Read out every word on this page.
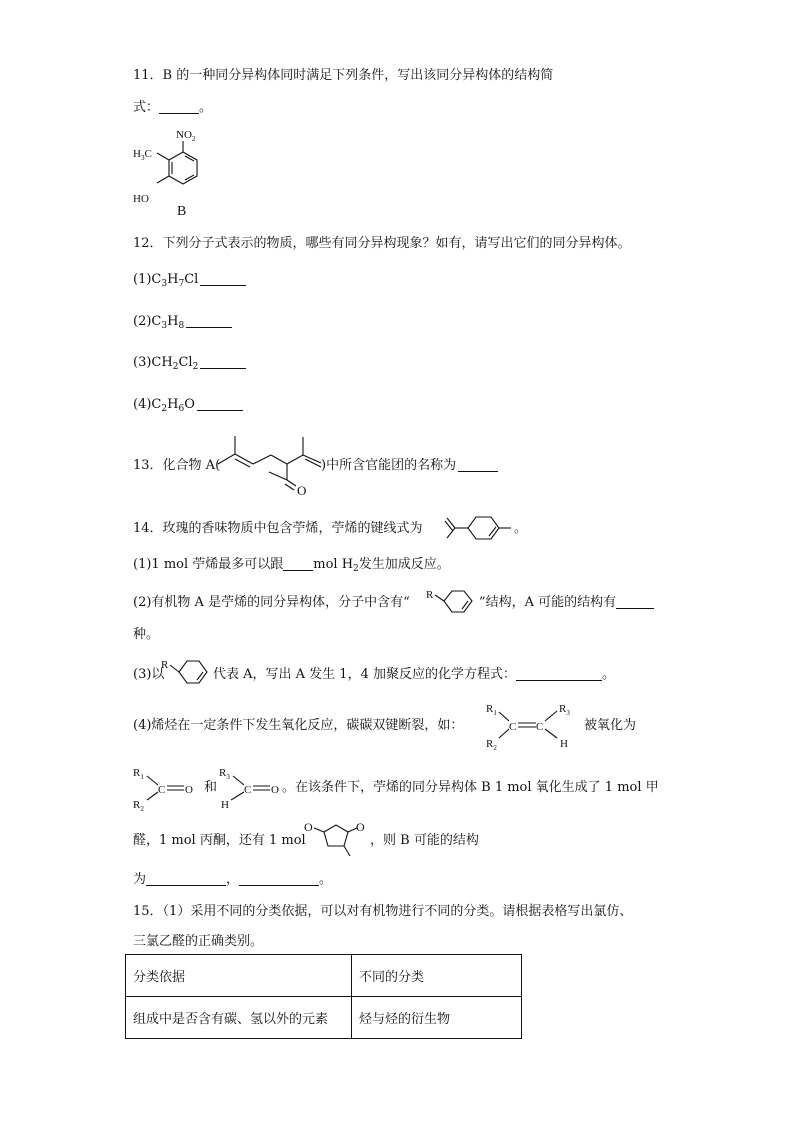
11．B 的一种同分异构体同时满足下列条件，写出该同分异构体的结构简
式：	。
$NO_2$
$H_3C$
HO
B
12．下列分子式表示的物质，哪些有同分异构现象？如有，请写出它们的同分异构体。
$(1)C_3H_7Cl$
$(2)C_3H_8$
$(3)CH_2Cl_2$
$(4)C_2H_6O$
13．化合物 A(
O
)中所含官能团的名称为
14．玫瑰的香味物质中包含苧烯，苧烯的键线式为	。
(1)1 mol 苧烯最多可以跟 mol $H_2$发生加成反应。
(2)有机物 A 是苧烯的同分异构体，分子中含有“ R	”结构，A 可能的结构有
种。
(3)以
R
代表 A，写出 A 发生 1，4 加聚反应的化学方程式：	。
(4)烯烃在一定条件下发生氧化反应，碳碳双键断裂，如：
$R_1$
$R_2$
C C
$R_3$
H
被氧化为
$R_1$
$R_2$
C O 和
$R_3$
H
C O 。在该条件下，苧烯的同分异构体 B 1 mol 氧化生成了 1 mol 甲
醛，1 mol 丙酮，还有 1 mol
O	O
，则 B 可能的结构
为	，	。
15．（1）采用不同的分类依据，可以对有机物进行不同的分类。请根据表格写出氯仿、
三氯乙醛的正确类别。
分类依据	不同的分类
组成中是否含有碳、氢以外的元素	烃与烃的衍生物
